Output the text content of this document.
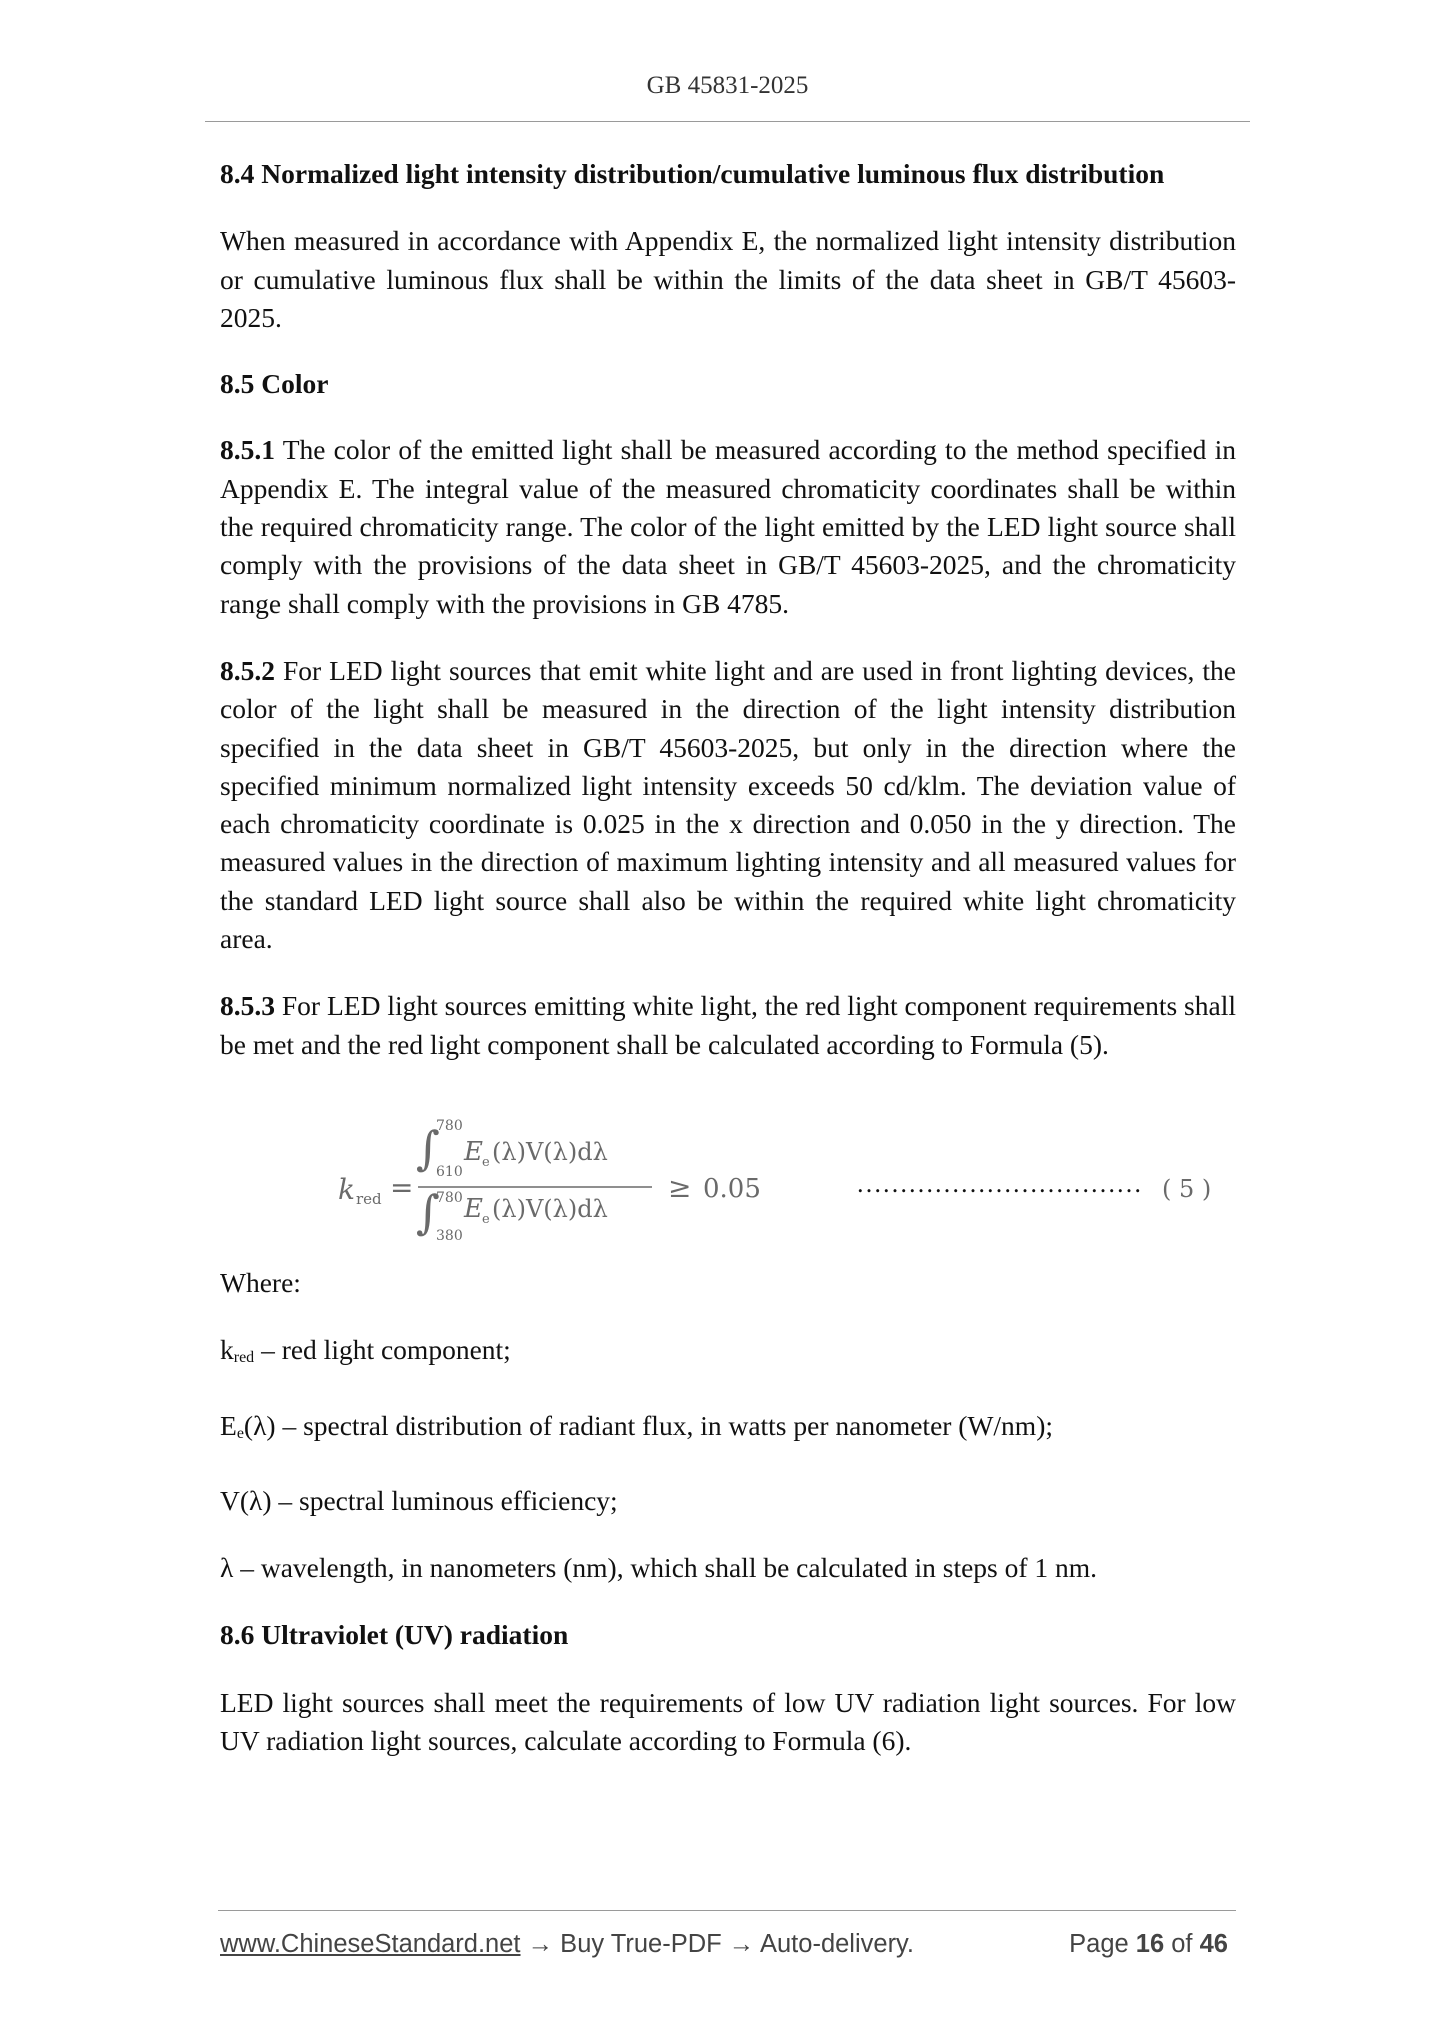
GB 45831-2025

8.4 Normalized light intensity distribution/cumulative luminous flux distribution

When measured in accordance with Appendix E, the normalized light intensity distribution or cumulative luminous flux shall be within the limits of the data sheet in GB/T 45603-2025.

8.5 Color

8.5.1 The color of the emitted light shall be measured according to the method specified in Appendix E. The integral value of the measured chromaticity coordinates shall be within the required chromaticity range. The color of the light emitted by the LED light source shall comply with the provisions of the data sheet in GB/T 45603-2025, and the chromaticity range shall comply with the provisions in GB 4785.

8.5.2 For LED light sources that emit white light and are used in front lighting devices, the color of the light shall be measured in the direction of the light intensity distribution specified in the data sheet in GB/T 45603-2025, but only in the direction where the specified minimum normalized light intensity exceeds 50 cd/klm. The deviation value of each chromaticity coordinate is 0.025 in the x direction and 0.050 in the y direction. The measured values in the direction of maximum lighting intensity and all measured values for the standard LED light source shall also be within the required white light chromaticity area.

8.5.3 For LED light sources emitting white light, the red light component requirements shall be met and the red light component shall be calculated according to Formula (5).

k red =
∫
780
610
E e (λ)V(λ)dλ
∫
780
380
E e (λ)V(λ)dλ
≥ 0.05	…………………………… ( 5 )

Where:

$k_{red}$ – red light component;

$E_e(\lambda)$ – spectral distribution of radiant flux, in watts per nanometer (W/nm);

V(λ) – spectral luminous efficiency;

λ – wavelength, in nanometers (nm), which shall be calculated in steps of 1 nm.

8.6 Ultraviolet (UV) radiation

LED light sources shall meet the requirements of low UV radiation light sources. For low UV radiation light sources, calculate according to Formula (6).

www.ChineseStandard.net → Buy True-PDF → Auto-delivery.	Page 16 of 46
